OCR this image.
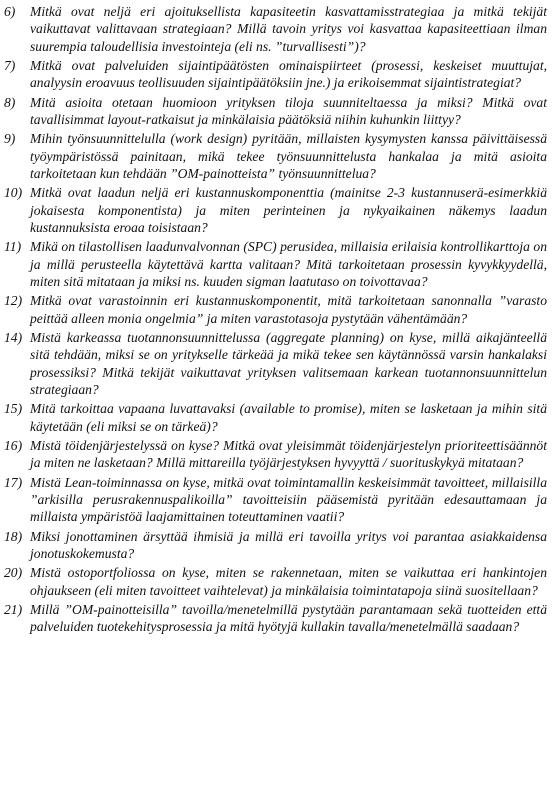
6)	Mitkä ovat neljä eri ajoituksellista kapasiteetin kasvattamisstrategiaa ja mitkä tekijät vaikuttavat valittavaan strategiaan? Millä tavoin yritys voi kasvattaa kapasiteettiaan ilman suurempia taloudellisia investointeja (eli ns. ”turvallisesti”)?
7)	Mitkä ovat palveluiden sijaintipäätösten ominaispiirteet (prosessi, keskeiset muuttujat, analyysin eroavuus teollisuuden sijaintipäätöksiin jne.) ja erikoisemmat sijaintistrategiat?
8)	Mitä asioita otetaan huomioon yrityksen tiloja suunniteltaessa ja miksi? Mitkä ovat tavallisimmat layout-ratkaisut ja minkälaisia päätöksiä niihin kuhunkin liittyy?
9)	Mihin työnsuunnittelulla (work design) pyritään, millaisten kysymysten kanssa päivittäisessä työympäristössä painitaan, mikä tekee työnsuunnittelusta hankalaa ja mitä asioita tarkoitetaan kun tehdään ”OM-painotteista” työnsuunnittelua?
10) Mitkä ovat laadun neljä eri kustannuskomponenttia (mainitse 2-3 kustannuserä-esimerkkiä jokaisesta komponentista) ja miten perinteinen ja nykyaikainen näkemys laadun kustannuksista eroaa toisistaan?
11) Mikä on tilastollisen laadunvalvonnan (SPC) perusidea, millaisia erilaisia kontrollikarttoja on ja millä perusteella käytettävä kartta valitaan? Mitä tarkoitetaan prosessin kyvykkyydellä, miten sitä mitataan ja miksi ns. kuuden sigman laatutaso on toivottavaa?
12) Mitkä ovat varastoinnin eri kustannuskomponentit, mitä tarkoitetaan sanonnalla ”varasto peittää alleen monia ongelmia” ja miten varastotasoja pystytään vähentämään?
14) Mistä karkeassa tuotannonsuunnittelussa (aggregate planning) on kyse, millä aikajänteellä sitä tehdään, miksi se on yritykselle tärkeää ja mikä tekee sen käytännössä varsin hankalaksi prosessiksi? Mitkä tekijät vaikuttavat yrityksen valitsemaan karkean tuotannonsuunnittelun strategiaan?
15) Mitä tarkoittaa vapaana luvattavaksi (available to promise), miten se lasketaan ja mihin sitä käytetään (eli miksi se on tärkeä)?
16) Mistä töidenjärjestelyssä on kyse? Mitkä ovat yleisimmät töidenjärjestelyn prioriteettisäännöt ja miten ne lasketaan? Millä mittareilla työjärjestyksen hyvyyttä / suorituskykyä mitataan?
17) Mistä Lean-toiminnassa on kyse, mitkä ovat toimintamallin keskeisimmät tavoitteet, millaisilla ”arkisilla perusrakennuspalikoilla” tavoitteisiin pääsemistä pyritään edesauttamaan ja millaista ympäristöä laajamittainen toteuttaminen vaatii?
18) Miksi jonottaminen ärsyttää ihmisiä ja millä eri tavoilla yritys voi parantaa asiakkaidensa jonotuskokemusta?
20) Mistä ostoportfoliossa on kyse, miten se rakennetaan, miten se vaikuttaa eri hankintojen ohjaukseen (eli miten tavoitteet vaihtelevat) ja minkälaisia toimintatapoja siinä suositellaan?
21) Millä ”OM-painotteisilla” tavoilla/menetelmillä pystytään parantamaan sekä tuotteiden että palveluiden tuotekehitysprosessia ja mitä hyötyjä kullakin tavalla/menetelmällä saadaan?
